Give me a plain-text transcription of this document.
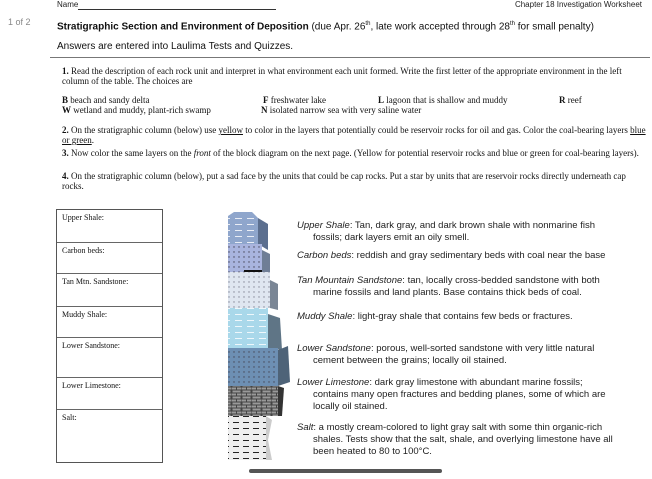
1 of 2
Name	Chapter 18 Investigation Worksheet
Stratigraphic Section and Environment of Deposition (due Apr. 26th, late work accepted through 28th for small penalty)
Answers are entered into Laulima Tests and Quizzes.
1. Read the description of each rock unit and interpret in what environment each unit formed. Write the first letter of the appropriate environment in the left column of the table. The choices are
B beach and sandy delta	F freshwater lake	L lagoon that is shallow and muddy	R reef
W wetland and muddy, plant-rich swamp	N isolated narrow sea with very saline water
2. On the stratigraphic column (below) use yellow to color in the layers that potentially could be reservoir rocks for oil and gas. Color the coal-bearing layers blue or green.
3. Now color the same layers on the front of the block diagram on the next page. (Yellow for potential reservoir rocks and blue or green for coal-bearing layers).
4. On the stratigraphic column (below), put a sad face by the units that could be cap rocks. Put a star by units that are reservoir rocks directly underneath cap rocks.
Upper Shale:
Carbon beds:
Tan Mtn. Sandstone:
Muddy Shale:
Lower Sandstone:
Lower Limestone:
Salt:
Upper Shale: Tan, dark gray, and dark brown shale with nonmarine fish
fossils; dark layers emit an oily smell.
Carbon beds: reddish and gray sedimentary beds with coal near the base
Tan Mountain Sandstone: tan, locally cross-bedded sandstone with both
marine fossils and land plants. Base contains thick beds of coal.
Muddy Shale: light-gray shale that contains few beds or fractures.
Lower Sandstone: porous, well-sorted sandstone with very little natural
cement between the grains; locally oil stained.
Lower Limestone: dark gray limestone with abundant marine fossils;
contains many open fractures and bedding planes, some of which are
locally oil stained.
Salt: a mostly cream-colored to light gray salt with some thin organic-rich
shales. Tests show that the salt, shale, and overlying limestone have all
been heated to 80 to 100°C.
